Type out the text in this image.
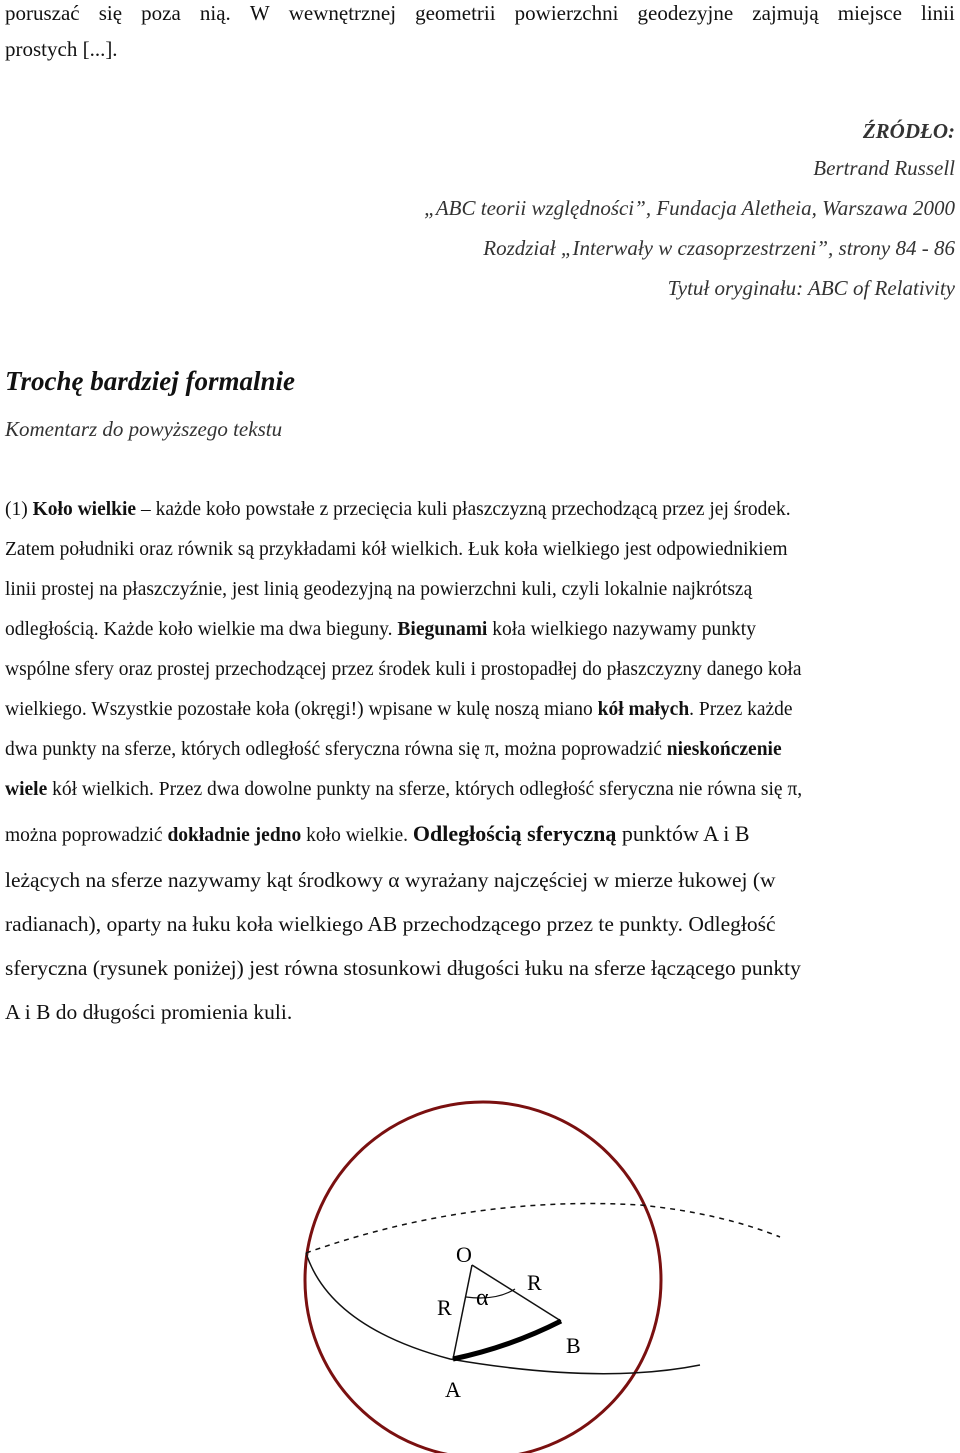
poruszać się poza nią. W wewnętrznej geometrii powierzchni geodezyjne zajmują miejsce linii
prostych [...].
ŹRÓDŁO:
Bertrand Russell
„ABC teorii względności”, Fundacja Aletheia, Warszawa 2000
Rozdział „Interwały w czasoprzestrzeni”, strony 84 - 86
Tytuł oryginału: ABC of Relativity
Trochę bardziej formalnie
Komentarz do powyższego tekstu
(1) Koło wielkie – każde koło powstałe z przecięcia kuli płaszczyzną przechodzącą przez jej środek.
Zatem południki oraz równik są przykładami kół wielkich. Łuk koła wielkiego jest odpowiednikiem
linii prostej na płaszczyźnie, jest linią geodezyjną na powierzchni kuli, czyli lokalnie najkrótszą
odległością. Każde koło wielkie ma dwa bieguny. Biegunami koła wielkiego nazywamy punkty
wspólne sfery oraz prostej przechodzącej przez środek kuli i prostopadłej do płaszczyzny danego koła
wielkiego. Wszystkie pozostałe koła (okręgi!) wpisane w kulę noszą miano kół małych. Przez każde
dwa punkty na sferze, których odległość sferyczna równa się π, można poprowadzić nieskończenie
wiele kół wielkich. Przez dwa dowolne punkty na sferze, których odległość sferyczna nie równa się π,
można poprowadzić dokładnie jedno koło wielkie. Odległością sferyczną punktów A i B
leżących na sferze nazywamy kąt środkowy α wyrażany najczęściej w mierze łukowej (w
radianach), oparty na łuku koła wielkiego AB przechodzącego przez te punkty. Odległość
sferyczna (rysunek poniżej) jest równa stosunkowi długości łuku na sferze łączącego punkty
A i B do długości promienia kuli.
O
R
R
α
A
B
